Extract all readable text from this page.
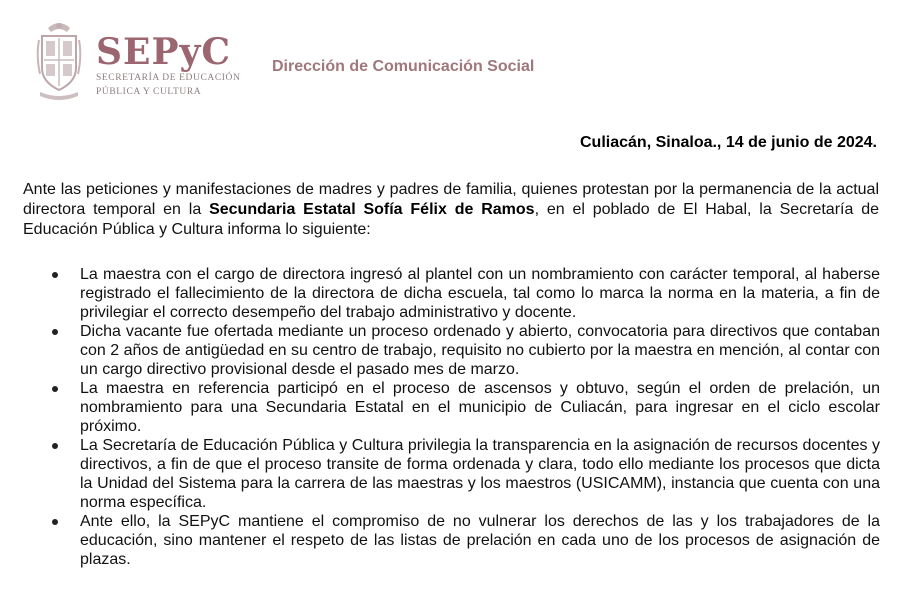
SEPyC
SECRETARÍA DE EDUCACIÓN
PÚBLICA Y CULTURA
Dirección de Comunicación Social
Culiacán, Sinaloa., 14 de junio de 2024.

Ante las peticiones y manifestaciones de madres y padres de familia, quienes protestan por la permanencia de la actual directora temporal en la Secundaria Estatal Sofía Félix de Ramos, en el poblado de El Habal, la Secretaría de Educación Pública y Cultura informa lo siguiente:

La maestra con el cargo de directora ingresó al plantel con un nombramiento con carácter temporal, al haberse registrado el fallecimiento de la directora de dicha escuela, tal como lo marca la norma en la materia, a fin de privilegiar el correcto desempeño del trabajo administrativo y docente.
Dicha vacante fue ofertada mediante un proceso ordenado y abierto, convocatoria para directivos que contaban con 2 años de antigüedad en su centro de trabajo, requisito no cubierto por la maestra en mención, al contar con un cargo directivo provisional desde el pasado mes de marzo.
La maestra en referencia participó en el proceso de ascensos y obtuvo, según el orden de prelación, un nombramiento para una Secundaria Estatal en el municipio de Culiacán, para ingresar en el ciclo escolar próximo.
La Secretaría de Educación Pública y Cultura privilegia la transparencia en la asignación de recursos docentes y directivos, a fin de que el proceso transite de forma ordenada y clara, todo ello mediante los procesos que dicta la Unidad del Sistema para la carrera de las maestras y los maestros (USICAMM), instancia que cuenta con una norma específica.
Ante ello, la SEPyC mantiene el compromiso de no vulnerar los derechos de las y los trabajadores de la educación, sino mantener el respeto de las listas de prelación en cada uno de los procesos de asignación de plazas.
